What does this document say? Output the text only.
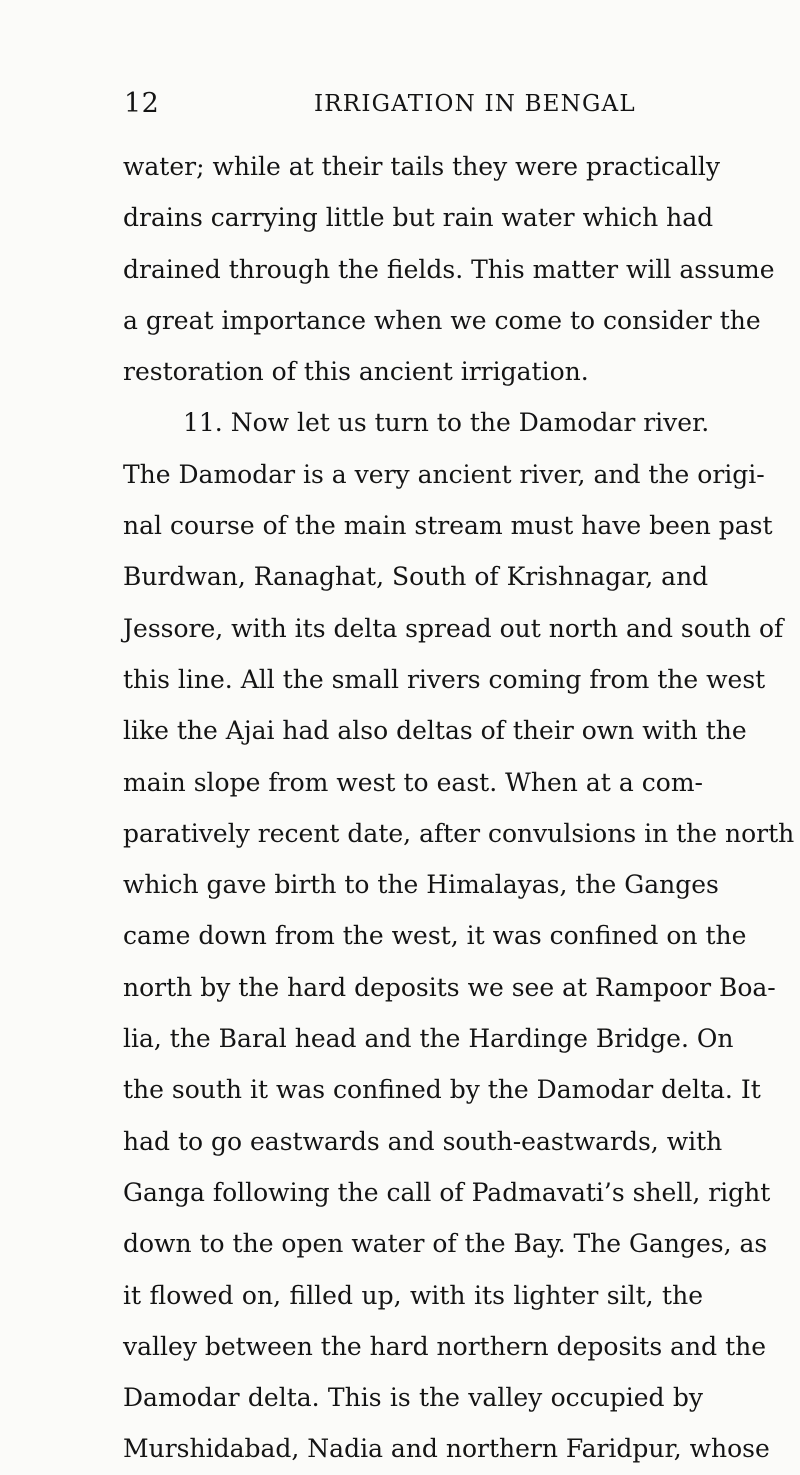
12	IRRIGATION IN BENGAL
water; while at their tails they were practically
drains carrying little but rain water which had
drained through the fields. This matter will assume
a great importance when we come to consider the
restoration of this ancient irrigation.
11. Now let us turn to the Damodar river.
The Damodar is a very ancient river, and the origi-
nal course of the main stream must have been past
Burdwan, Ranaghat, South of Krishnagar, and
Jessore, with its delta spread out north and south of
this line. All the small rivers coming from the west
like the Ajai had also deltas of their own with the
main slope from west to east. When at a com-
paratively recent date, after convulsions in the north
which gave birth to the Himalayas, the Ganges
came down from the west, it was confined on the
north by the hard deposits we see at Rampoor Boa-
lia, the Baral head and the Hardinge Bridge. On
the south it was confined by the Damodar delta. It
had to go eastwards and south-eastwards, with
Ganga following the call of Padmavati’s shell, right
down to the open water of the Bay. The Ganges, as
it flowed on, filled up, with its lighter silt, the
valley between the hard northern deposits and the
Damodar delta. This is the valley occupied by
Murshidabad, Nadia and northern Faridpur, whose
